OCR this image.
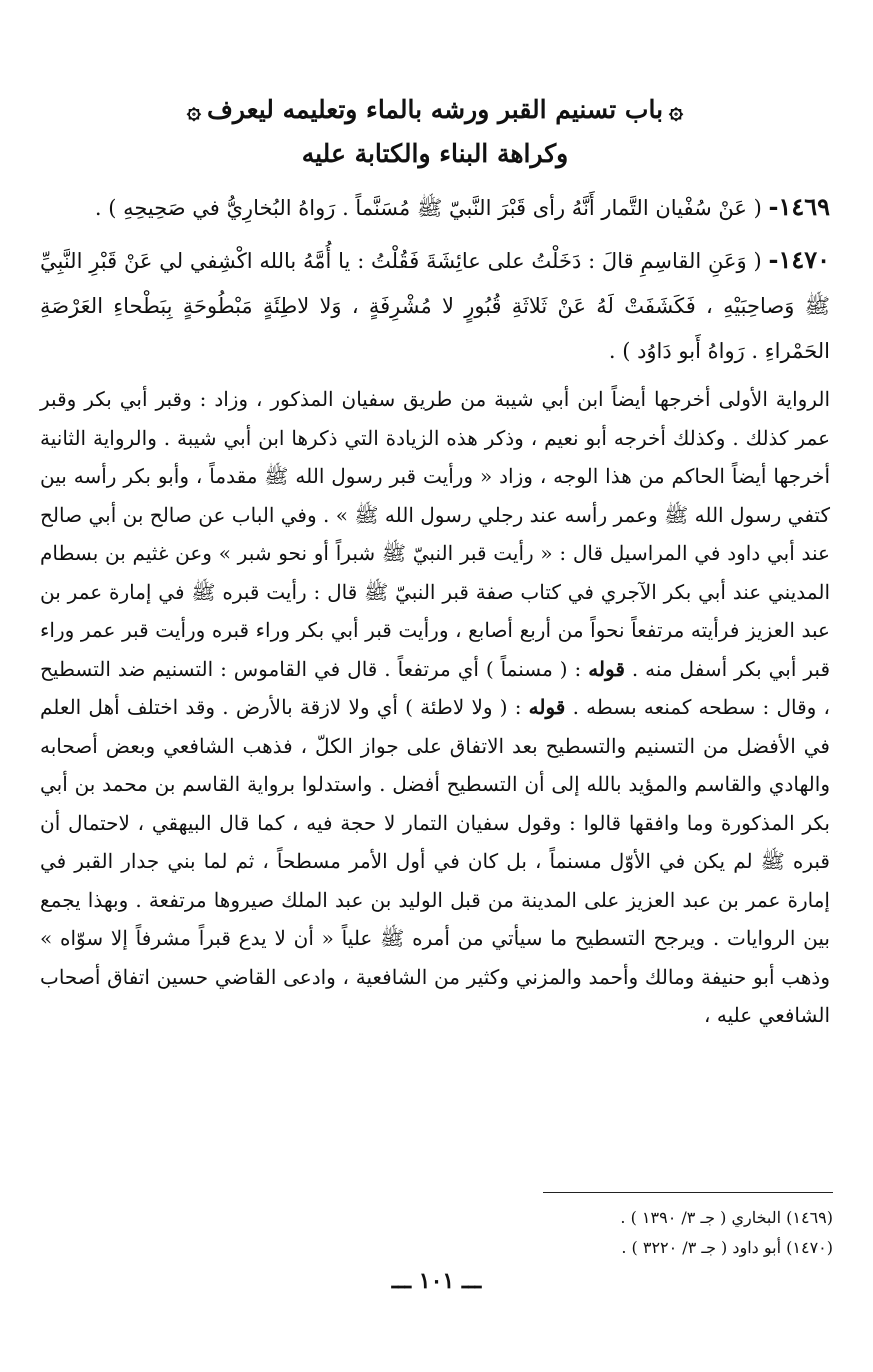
۞باب تسنيم القبر ورشه بالماء وتعليمه ليعرف۞
وكراهة البناء والكتابة عليه

١٤٦٩- ( عَنْ سُفْيان التَّمار أَنَّهُ رأى قَبْرَ النَّبيّ ﷺ مُسَنَّماً . رَواهُ البُخارِيُّ في صَحِيحِهِ ) .

١٤٧٠- ( وَعَنِ القاسِمِ قالَ : دَخَلْتُ على عائِشَةَ فَقُلْتُ : يا أُمَّهُ بالله اكْشِفي لي عَنْ قَبْرِ النَّبِيِّ ﷺ وَصاحِبَيْهِ ، فَكَشَفَتْ لَهُ عَنْ ثَلاثَةِ قُبُورٍ لا مُشْرِفَةٍ ، وَلا لاطِئَةٍ مَبْطُوحَةٍ بِبَطْحاءِ العَرْصَةِ الحَمْراءِ . رَواهُ أَبو دَاوُد ) .

الرواية الأولى أخرجها أيضاً ابن أبي شيبة من طريق سفيان المذكور ، وزاد : وقبر أبي بكر وقبر عمر كذلك . وكذلك أخرجه أبو نعيم ، وذكر هذه الزيادة التي ذكرها ابن أبي شيبة . والرواية الثانية أخرجها أيضاً الحاكم من هذا الوجه ، وزاد « ورأيت قبر رسول الله ﷺ مقدماً ، وأبو بكر رأسه بين كتفي رسول الله ﷺ وعمر رأسه عند رجلي رسول الله ﷺ » . وفي الباب عن صالح بن أبي صالح عند أبي داود في المراسيل قال : « رأيت قبر النبيّ ﷺ شبراً أو نحو شبر » وعن غثيم بن بسطام المديني عند أبي بكر الآجري في كتاب صفة قبر النبيّ ﷺ قال : رأيت قبره ﷺ في إمارة عمر بن عبد العزيز فرأيته مرتفعاً نحواً من أربع أصابع ، ورأيت قبر أبي بكر وراء قبره ورأيت قبر عمر وراء قبر أبي بكر أسفل منه . قوله : ( مسنماً ) أي مرتفعاً . قال في القاموس : التسنيم ضد التسطيح ، وقال : سطحه كمنعه بسطه . قوله : ( ولا لاطئة ) أي ولا لازقة بالأرض . وقد اختلف أهل العلم في الأفضل من التسنيم والتسطيح بعد الاتفاق على جواز الكلّ ، فذهب الشافعي وبعض أصحابه والهادي والقاسم والمؤيد بالله إلى أن التسطيح أفضل . واستدلوا برواية القاسم بن محمد بن أبي بكر المذكورة وما وافقها قالوا : وقول سفيان التمار لا حجة فيه ، كما قال البيهقي ، لاحتمال أن قبره ﷺ لم يكن في الأوّل مسنماً ، بل كان في أول الأمر مسطحاً ، ثم لما بني جدار القبر في إمارة عمر بن عبد العزيز على المدينة من قبل الوليد بن عبد الملك صيروها مرتفعة . وبهذا يجمع بين الروايات . ويرجح التسطيح ما سيأتي من أمره ﷺ علياً « أن لا يدع قبراً مشرفاً إلا سوّاه » وذهب أبو حنيفة ومالك وأحمد والمزني وكثير من الشافعية ، وادعى القاضي حسين اتفاق أصحاب الشافعي عليه ،

(١٤٦٩) البخاري ( جـ ٣/ ١٣٩٠ ) .
(١٤٧٠) أبو داود ( جـ ٣/ ٣٢٢٠ ) .
ـــ ١٠١ ـــ
